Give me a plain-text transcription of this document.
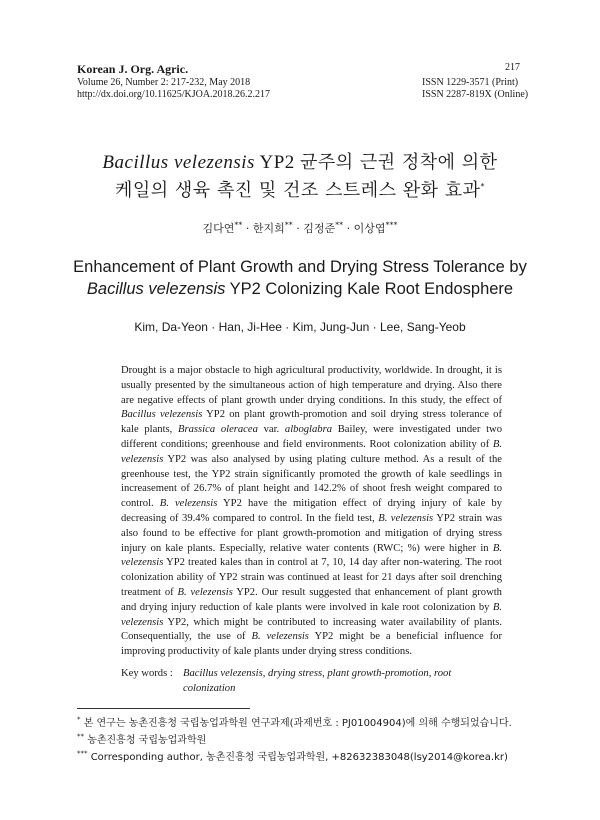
Korean J. Org. Agric.
Volume 26, Number 2: 217-232, May 2018
http://dx.doi.org/10.11625/KJOA.2018.26.2.217
217
ISSN 1229-3571 (Print)
ISSN 2287-819X (Online)
Bacillus velezensis YP2 균주의 근권 정착에 의한
케일의 생육 촉진 및 건조 스트레스 완화 효과*
김다연** · 한지희** · 김정준** · 이상엽***
Enhancement of Plant Growth and Drying Stress Tolerance by
Bacillus velezensis YP2 Colonizing Kale Root Endosphere
Kim, Da-Yeon · Han, Ji-Hee · Kim, Jung-Jun · Lee, Sang-Yeob
Drought is a major obstacle to high agricultural productivity, worldwide. In drought, it is usually presented by the simultaneous action of high temperature and drying. Also there are negative effects of plant growth under drying conditions. In this study, the effect of Bacillus velezensis YP2 on plant growth-promotion and soil drying stress tolerance of kale plants, Brassica oleracea var. alboglabra Bailey, were investigated under two different conditions; greenhouse and field environments. Root colonization ability of B. velezensis YP2 was also analysed by using plating culture method. As a result of the greenhouse test, the YP2 strain significantly promoted the growth of kale seedlings in increasement of 26.7% of plant height and 142.2% of shoot fresh weight compared to control. B. velezensis YP2 have the mitigation effect of drying injury of kale by decreasing of 39.4% compared to control. In the field test, B. velezensis YP2 strain was also found to be effective for plant growth-promotion and mitigation of drying stress injury on kale plants. Especially, relative water contents (RWC; %) were higher in B. velezensis YP2 treated kales than in control at 7, 10, 14 day after non-watering. The root colonization ability of YP2 strain was continued at least for 21 days after soil drenching treatment of B. velezensis YP2. Our result suggested that enhancement of plant growth and drying injury reduction of kale plants were involved in kale root colonization by B. velezensis YP2, which might be contributed to increasing water availability of plants. Consequentially, the use of B. velezensis YP2 might be a beneficial influence for improving productivity of kale plants under drying stress conditions.
Key words : Bacillus velezensis, drying stress, plant growth-promotion, root colonization
* 본 연구는 농촌진흥청 국립농업과학원 연구과제(과제번호 : PJ01004904)에 의해 수행되었습니다.
** 농촌진흥청 국립농업과학원
*** Corresponding author, 농촌진흥청 국립농업과학원, +82632383048(lsy2014@korea.kr)
